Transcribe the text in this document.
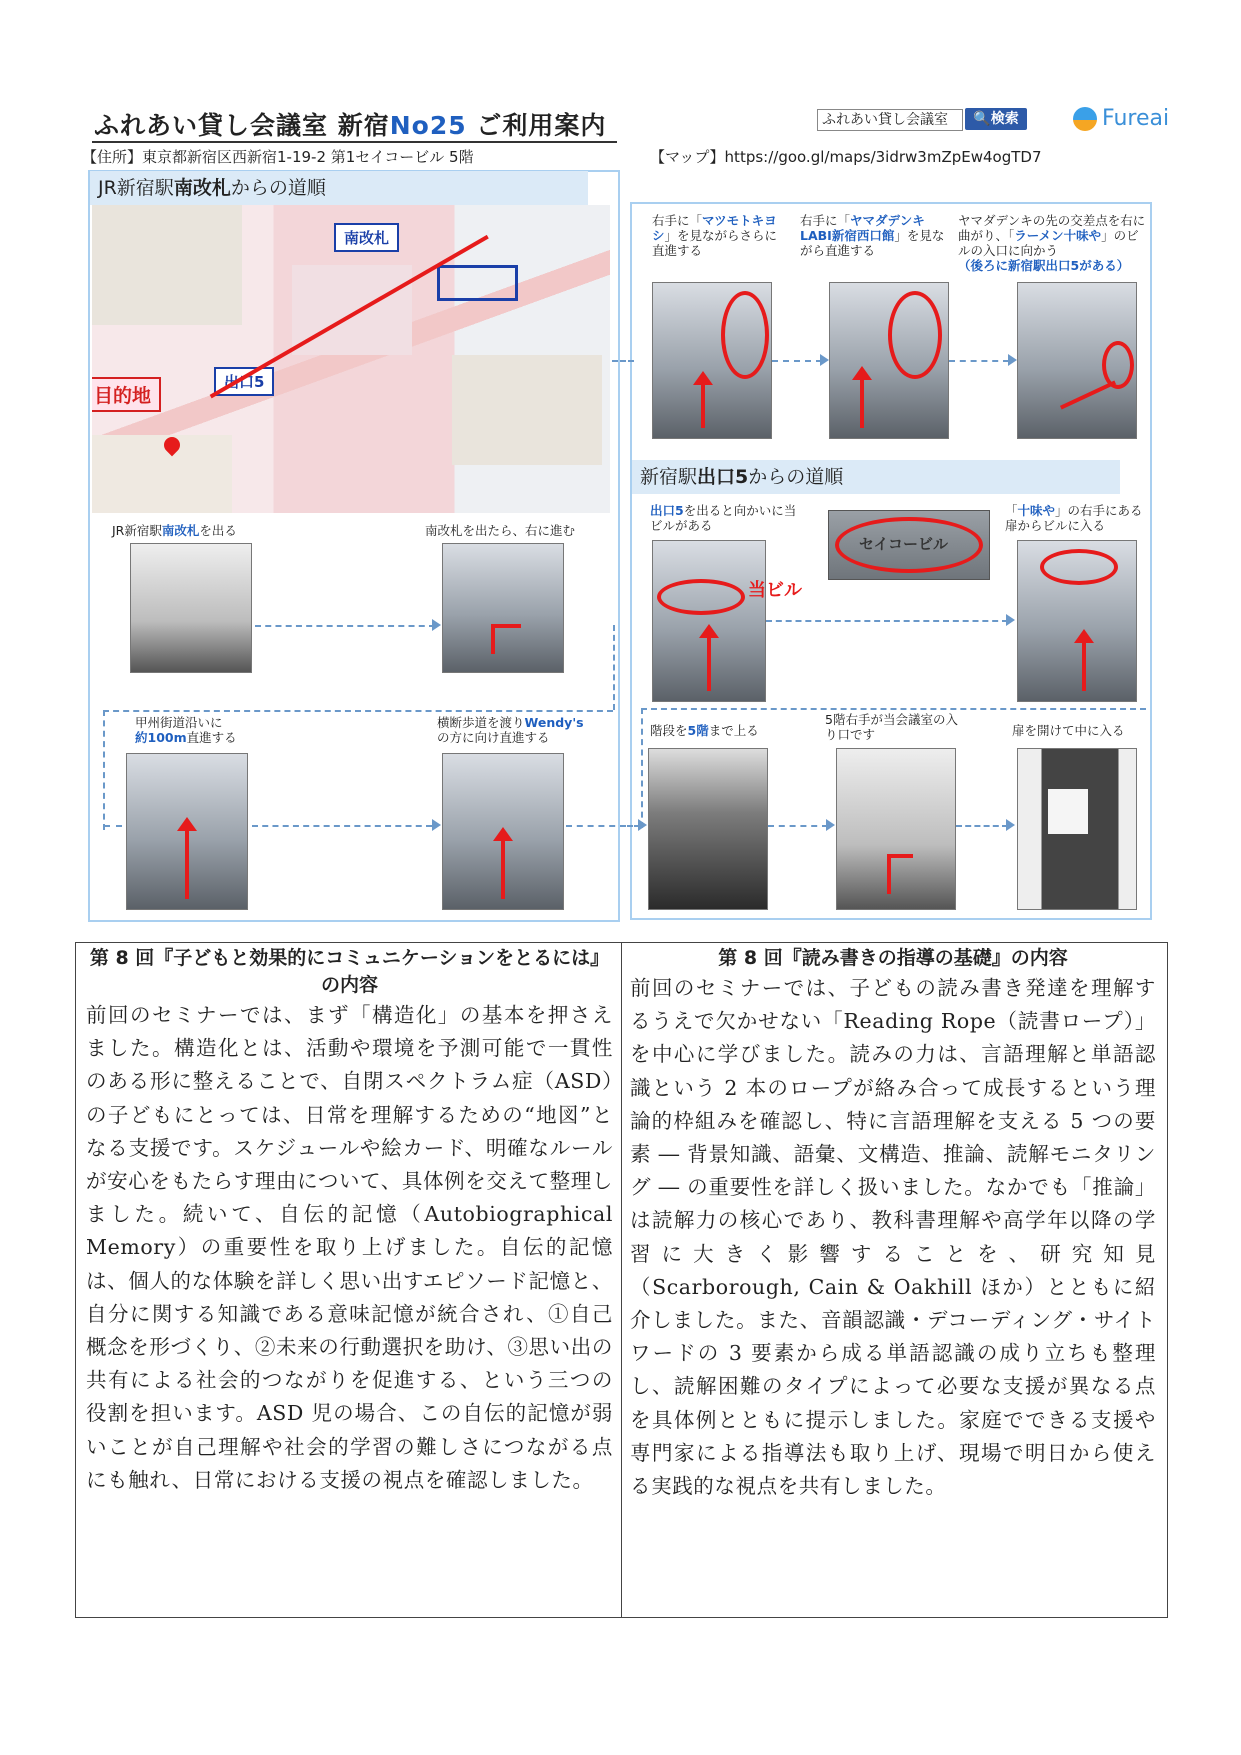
ふれあい貸し会議室 新宿No25 ご利用案内
【住所】東京都新宿区西新宿1-19-2 第1セイコービル 5階	【マップ】https://goo.gl/maps/3idrw3mZpEw4ogTD7
ふれあい貸し会議室	🔍検索	Fureai
JR新宿駅南改札からの道順
南改札
出口5
目的地
JR新宿駅南改札を出る	南改札を出たら、右に進む
甲州街道沿いに
約100m直進する
横断歩道を渡りWendy's
の方に向け直進する
右手に「マツモトキヨシ」を見ながらさらに直進する
右手に「ヤマダデンキ LABI新宿西口館」を見ながら直進する
ヤマダデンキの先の交差点を右に曲がり、「ラーメン十味や」のビルの入口に向かう
（後ろに新宿駅出口5がある）
新宿駅出口5からの道順
出口5を出ると向かいに当ビルがある
当ビル
セイコービル
「十味や」の右手にある扉からビルに入る
階段を5階まで上る
5階右手が当会議室の入り口です	扉を開けて中に入る
第 8 回『子どもと効果的にコミュニケーションをとるには』の内容
前回のセミナーでは、まず「構造化」の基本を押さえました。構造化とは、活動や環境を予測可能で一貫性のある形に整えることで、自閉スペクトラム症（ASD）の子どもにとっては、日常を理解するための“地図”となる支援です。スケジュールや絵カード、明確なルールが安心をもたらす理由について、具体例を交えて整理しました。続いて、自伝的記憶（Autobiographical Memory）の重要性を取り上げました。自伝的記憶は、個人的な体験を詳しく思い出すエピソード記憶と、自分に関する知識である意味記憶が統合され、①自己概念を形づくり、②未来の行動選択を助け、③思い出の共有による社会的つながりを促進する、という三つの役割を担います。ASD 児の場合、この自伝的記憶が弱いことが自己理解や社会的学習の難しさにつながる点にも触れ、日常における支援の視点を確認しました。
第 8 回『読み書きの指導の基礎』の内容
前回のセミナーでは、子どもの読み書き発達を理解するうえで欠かせない「Reading Rope（読書ロープ）」を中心に学びました。読みの力は、言語理解と単語認識という 2 本のロープが絡み合って成長するという理論的枠組みを確認し、特に言語理解を支える 5 つの要素 ― 背景知識、語彙、文構造、推論、読解モニタリング ― の重要性を詳しく扱いました。なかでも「推論」は読解力の核心であり、教科書理解や高学年以降の学習に大きく影響することを、研究知見（Scarborough, Cain & Oakhill ほか）とともに紹介しました。また、音韻認識・デコーディング・サイトワードの 3 要素から成る単語認識の成り立ちも整理し、読解困難のタイプによって必要な支援が異なる点を具体例とともに提示しました。家庭でできる支援や専門家による指導法も取り上げ、現場で明日から使える実践的な視点を共有しました。
